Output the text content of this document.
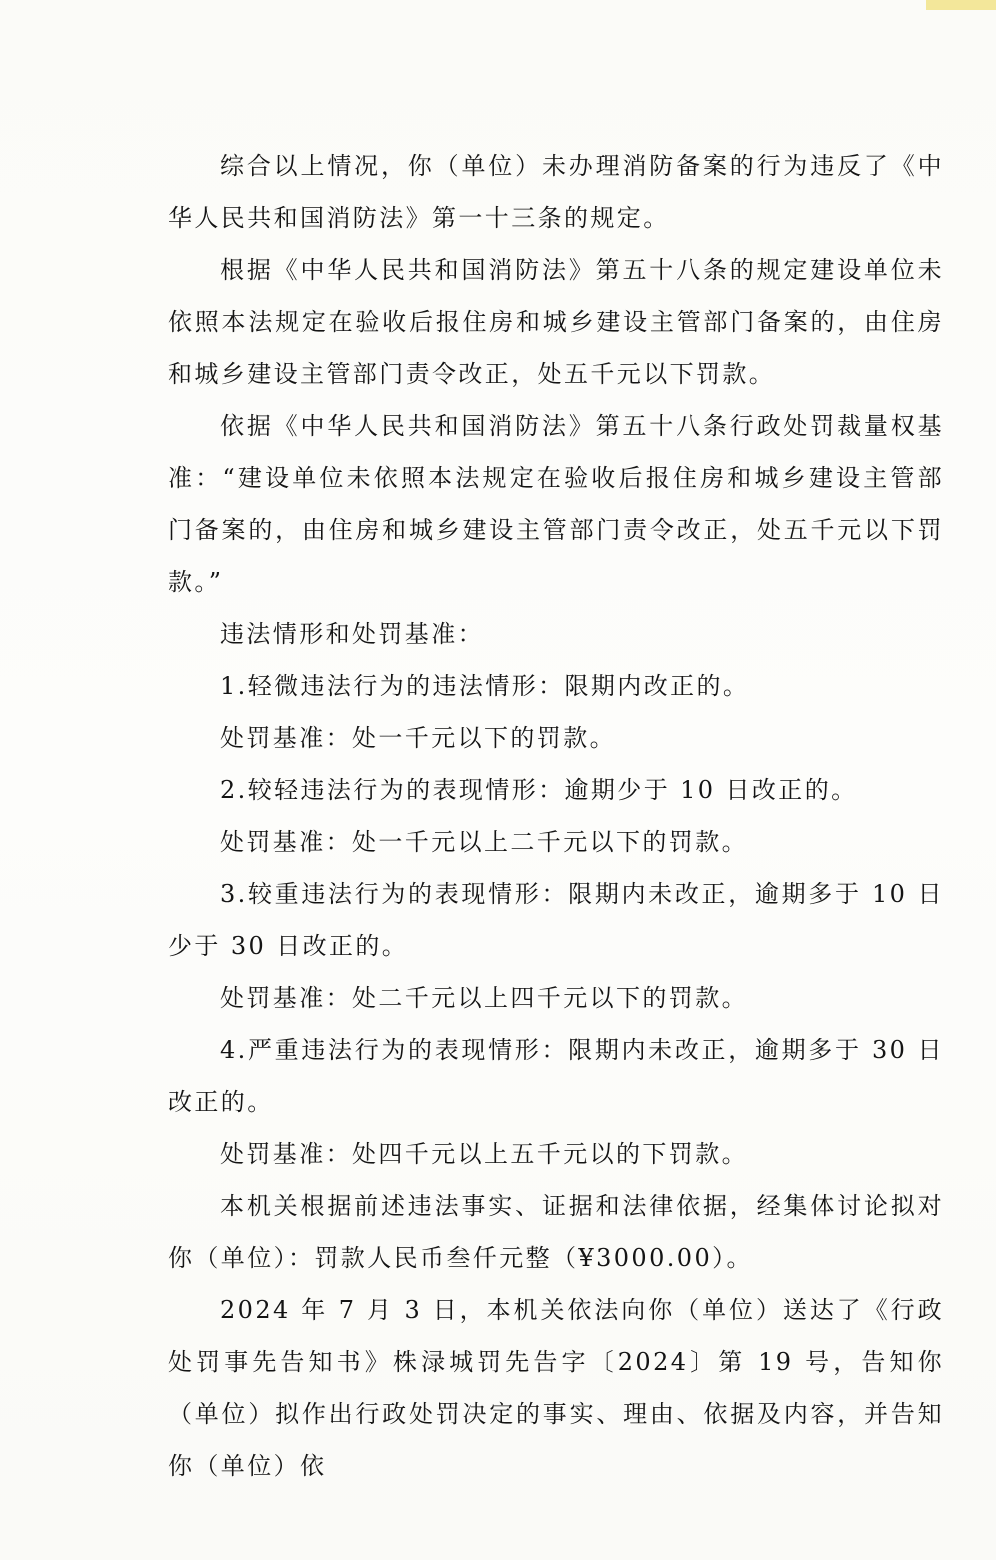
综合以上情况，你（单位）未办理消防备案的行为违反了《中华人民共和国消防法》第一十三条的规定。
根据《中华人民共和国消防法》第五十八条的规定建设单位未依照本法规定在验收后报住房和城乡建设主管部门备案的，由住房和城乡建设主管部门责令改正，处五千元以下罚款。
依据《中华人民共和国消防法》第五十八条行政处罚裁量权基准：“建设单位未依照本法规定在验收后报住房和城乡建设主管部门备案的，由住房和城乡建设主管部门责令改正，处五千元以下罚款。”
违法情形和处罚基准：
1.轻微违法行为的违法情形：限期内改正的。
处罚基准：处一千元以下的罚款。
2.较轻违法行为的表现情形：逾期少于 10 日改正的。
处罚基准：处一千元以上二千元以下的罚款。
3.较重违法行为的表现情形：限期内未改正，逾期多于 10 日少于 30 日改正的。
处罚基准：处二千元以上四千元以下的罚款。
4.严重违法行为的表现情形：限期内未改正，逾期多于 30 日改正的。
处罚基准：处四千元以上五千元以的下罚款。
本机关根据前述违法事实、证据和法律依据，经集体讨论拟对你（单位）：罚款人民币叁仟元整（¥3000.00）。
2024 年 7 月 3 日，本机关依法向你（单位）送达了《行政处罚事先告知书》株渌城罚先告字〔2024〕第 19 号，告知你（单位）拟作出行政处罚决定的事实、理由、依据及内容，并告知你（单位）依
